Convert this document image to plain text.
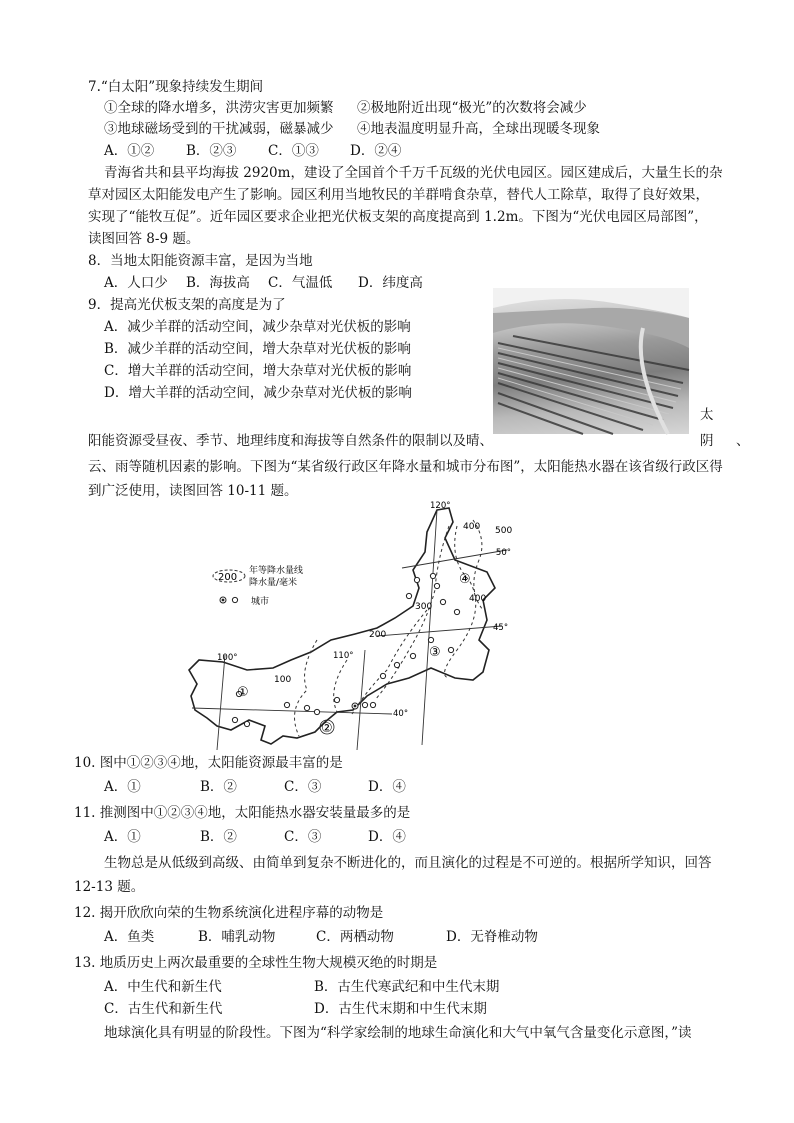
7.“白太阳”现象持续发生期间
①全球的降水增多，洪涝灾害更加频繁 ②极地附近出现“极光”的次数将会减少
③地球磁场受到的干扰减弱，磁暴减少 ④地表温度明显升高，全球出现暖冬现象
A．①② B．②③ C．①③ D．②④
青海省共和县平均海拔 2920m，建设了全国首个千万千瓦级的光伏电园区。园区建成后，大量生长的杂
草对园区太阳能发电产生了影响。园区利用当地牧民的羊群啃食杂草，替代人工除草，取得了良好效果，
实现了“能牧互促”。近年园区要求企业把光伏板支架的高度提高到 1.2m。下图为“光伏电园区局部图”，
读图回答 8-9 题。
8．当地太阳能资源丰富，是因为当地
A．人口少 B．海拔高 C．气温低 D．纬度高
9．提高光伏板支架的高度是为了
A．减少羊群的活动空间，减少杂草对光伏板的影响
B．减少羊群的活动空间，增大杂草对光伏板的影响
C．增大羊群的活动空间，增大杂草对光伏板的影响
D．增大羊群的活动空间，减少杂草对光伏板的影响
太
阳能资源受昼夜、季节、地理纬度和海拔等自然条件的限制以及晴、	阴 、
云、雨等随机因素的影响。下图为“某省级行政区年降水量和城市分布图”，太阳能热水器在该省级行政区得
到广泛使用，读图回答 10-11 题。
200
年等降水量线
降水量/毫米
城市
120°
110°
100°
50°
45°
40°
100
200
300
400
400 500
①
②
③
④
10. 图中①②③④地，太阳能资源最丰富的是
A．①	B．②	C．③	D．④
11. 推测图中①②③④地，太阳能热水器安装量最多的是
A．①	B．②	C．③	D．④
生物总是从低级到高级、由简单到复杂不断进化的，而且演化的过程是不可逆的。根据所学知识，回答
12-13 题。
12. 揭开欣欣向荣的生物系统演化进程序幕的动物是
A．鱼类	B．哺乳动物	C．两栖动物	D．无脊椎动物
13. 地质历史上两次最重要的全球性生物大规模灭绝的时期是
A．中生代和新生代	B．古生代寒武纪和中生代末期
C．古生代和新生代	D．古生代末期和中生代末期
地球演化具有明显的阶段性。下图为“科学家绘制的地球生命演化和大气中氧气含量变化示意图，”读
